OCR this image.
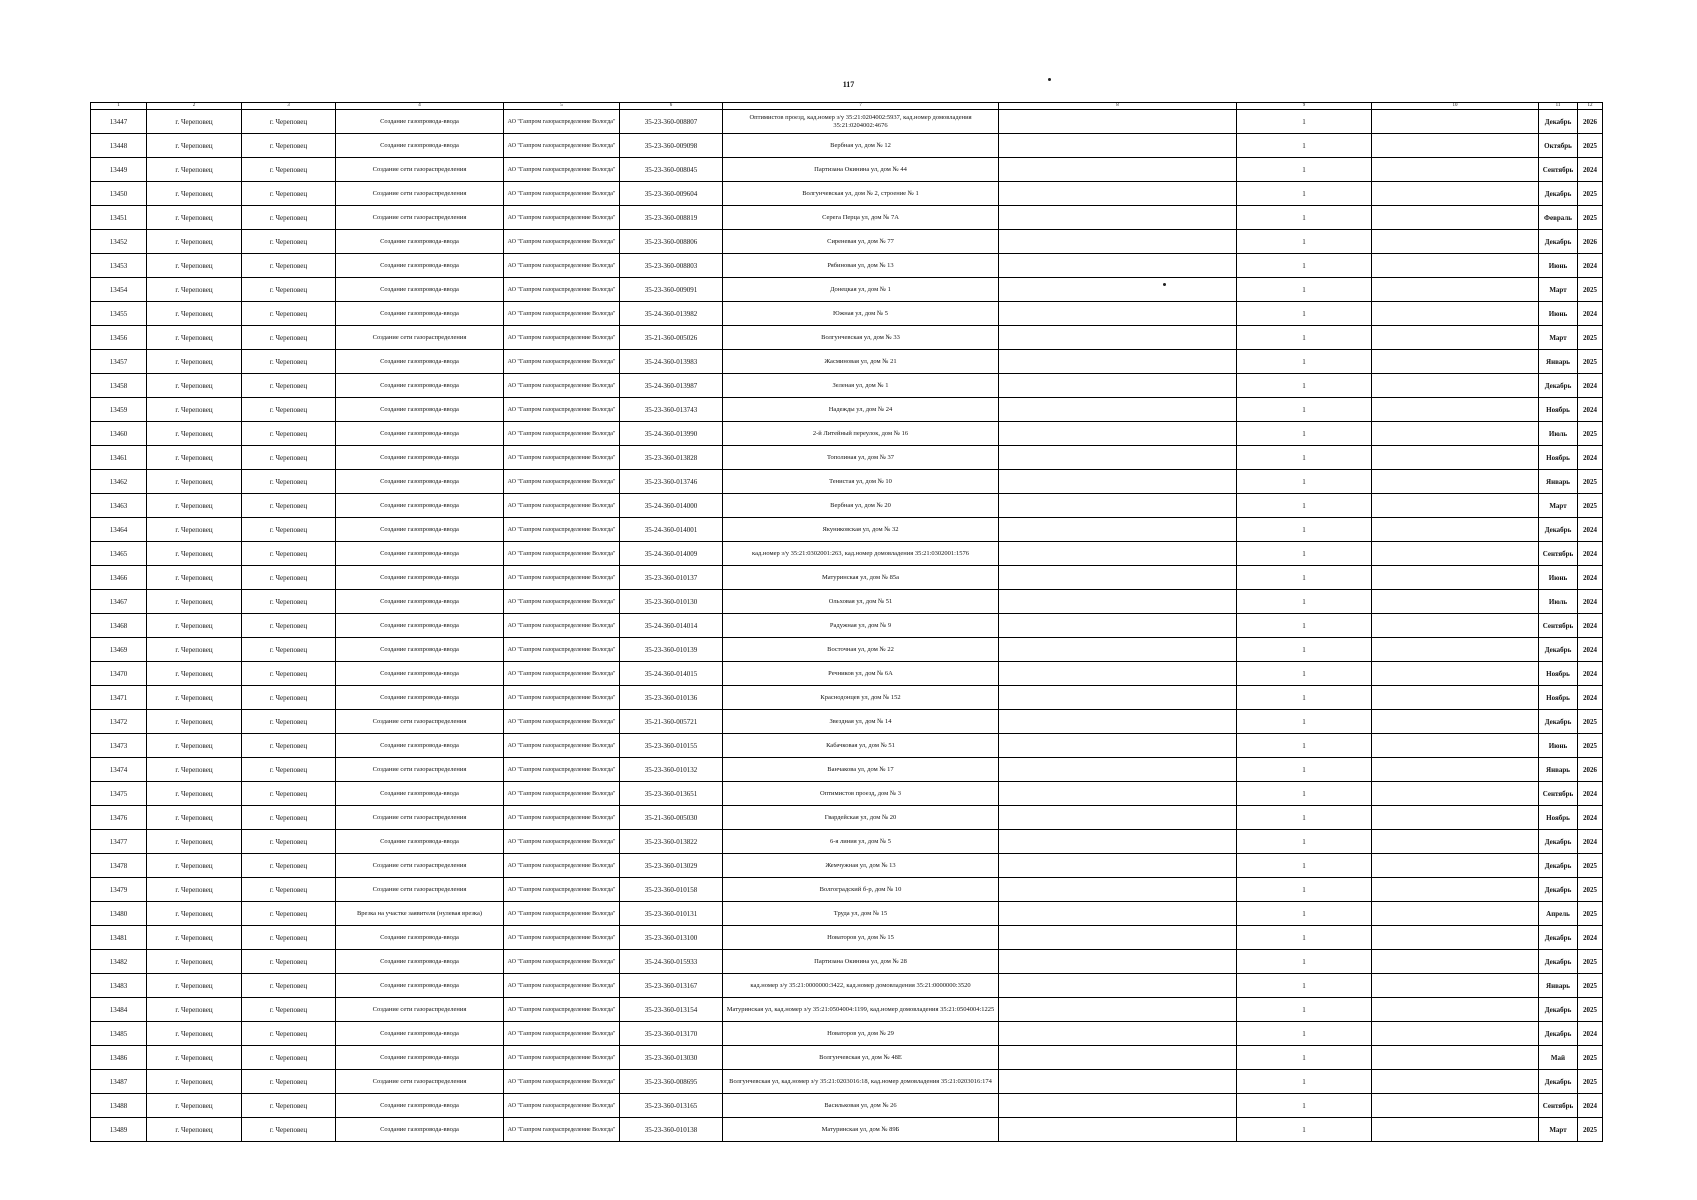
117
1	2	3	4	5	6	7	8	9	10	11	12
13447	г. Череповец	г. Череповец	Создание газопровода-ввода	АО "Газпром газораспределение Вологда"	35-23-360-008807	Оптимистов проезд, кад.номер з/у 35:21:0204002:5937, кад.номер домовладения 35:21:0204002:4676		1		Декабрь	2026
13448	г. Череповец	г. Череповец	Создание газопровода-ввода	АО "Газпром газораспределение Вологда"	35-23-360-009098	Вербная ул, дом № 12		1		Октябрь	2025
13449	г. Череповец	г. Череповец	Создание сети газораспределения	АО "Газпром газораспределение Вологда"	35-23-360-008045	Партизана Окинина ул, дом № 44		1		Сентябрь	2024
13450	г. Череповец	г. Череповец	Создание сети газораспределения	АО "Газпром газораспределение Вологда"	35-23-360-009604	Волгунчевская ул, дом № 2, строение № 1		1		Декабрь	2025
13451	г. Череповец	г. Череповец	Создание сети газораспределения	АО "Газпром газораспределение Вологда"	35-23-360-008819	Серега Перца ул, дом № 7А		1		Февраль	2025
13452	г. Череповец	г. Череповец	Создание газопровода-ввода	АО "Газпром газораспределение Вологда"	35-23-360-008806	Сиреневая ул, дом № 77		1		Декабрь	2026
13453	г. Череповец	г. Череповец	Создание газопровода-ввода	АО "Газпром газораспределение Вологда"	35-23-360-008803	Рябиновая ул, дом № 13		1		Июнь	2024
13454	г. Череповец	г. Череповец	Создание газопровода-ввода	АО "Газпром газораспределение Вологда"	35-23-360-009091	Донецкая ул, дом № 1		1		Март	2025
13455	г. Череповец	г. Череповец	Создание газопровода-ввода	АО "Газпром газораспределение Вологда"	35-24-360-013982	Южная ул, дом № 5		1		Июнь	2024
13456	г. Череповец	г. Череповец	Создание сети газораспределения	АО "Газпром газораспределение Вологда"	35-21-360-005026	Волгунчевская ул, дом № 33		1		Март	2025
13457	г. Череповец	г. Череповец	Создание газопровода-ввода	АО "Газпром газораспределение Вологда"	35-24-360-013983	Жасминовая ул, дом № 21		1		Январь	2025
13458	г. Череповец	г. Череповец	Создание газопровода-ввода	АО "Газпром газораспределение Вологда"	35-24-360-013987	Зеленая ул, дом № 1		1		Декабрь	2024
13459	г. Череповец	г. Череповец	Создание газопровода-ввода	АО "Газпром газораспределение Вологда"	35-23-360-013743	Надежды ул, дом № 24		1		Ноябрь	2024
13460	г. Череповец	г. Череповец	Создание газопровода-ввода	АО "Газпром газораспределение Вологда"	35-24-360-013990	2-й Литейный переулок, дом № 16		1		Июль	2025
13461	г. Череповец	г. Череповец	Создание газопровода-ввода	АО "Газпром газораспределение Вологда"	35-23-360-013828	Тополиная ул, дом № 37		1		Ноябрь	2024
13462	г. Череповец	г. Череповец	Создание газопровода-ввода	АО "Газпром газораспределение Вологда"	35-23-360-013746	Тенистая ул, дом № 10		1		Январь	2025
13463	г. Череповец	г. Череповец	Создание газопровода-ввода	АО "Газпром газораспределение Вологда"	35-24-360-014000	Вербная ул, дом № 20		1		Март	2025
13464	г. Череповец	г. Череповец	Создание газопровода-ввода	АО "Газпром газораспределение Вологда"	35-24-360-014001	Якуниковская ул, дом № 32		1		Декабрь	2024
13465	г. Череповец	г. Череповец	Создание газопровода-ввода	АО "Газпром газораспределение Вологда"	35-24-360-014009	кад.номер з/у 35:21:0302001:263, кад.номер домовладения 35:21:0302001:1576		1		Сентябрь	2024
13466	г. Череповец	г. Череповец	Создание газопровода-ввода	АО "Газпром газораспределение Вологда"	35-23-360-010137	Матуринская ул, дом № 85а		1		Июнь	2024
13467	г. Череповец	г. Череповец	Создание газопровода-ввода	АО "Газпром газораспределение Вологда"	35-23-360-010130	Ольховая ул, дом № 51		1		Июль	2024
13468	г. Череповец	г. Череповец	Создание газопровода-ввода	АО "Газпром газораспределение Вологда"	35-24-360-014014	Радужная ул, дом № 9		1		Сентябрь	2024
13469	г. Череповец	г. Череповец	Создание газопровода-ввода	АО "Газпром газораспределение Вологда"	35-23-360-010139	Восточная ул, дом № 22		1		Декабрь	2024
13470	г. Череповец	г. Череповец	Создание газопровода-ввода	АО "Газпром газораспределение Вологда"	35-24-360-014015	Речников ул, дом № 6А		1		Ноябрь	2024
13471	г. Череповец	г. Череповец	Создание газопровода-ввода	АО "Газпром газораспределение Вологда"	35-23-360-010136	Краснодонцев ул, дом № 152		1		Ноябрь	2024
13472	г. Череповец	г. Череповец	Создание сети газораспределения	АО "Газпром газораспределение Вологда"	35-21-360-005721	Звездная ул, дом № 14		1		Декабрь	2025
13473	г. Череповец	г. Череповец	Создание газопровода-ввода	АО "Газпром газораспределение Вологда"	35-23-360-010155	Кабачковая ул, дом № 51		1		Июнь	2025
13474	г. Череповец	г. Череповец	Создание сети газораспределения	АО "Газпром газораспределение Вологда"	35-23-360-010132	Ванчакова ул, дом № 17		1		Январь	2026
13475	г. Череповец	г. Череповец	Создание газопровода-ввода	АО "Газпром газораспределение Вологда"	35-23-360-013651	Оптимистов проезд, дом № 3		1		Сентябрь	2024
13476	г. Череповец	г. Череповец	Создание сети газораспределения	АО "Газпром газораспределение Вологда"	35-21-360-005030	Гвардейская ул, дом № 20		1		Ноябрь	2024
13477	г. Череповец	г. Череповец	Создание газопровода-ввода	АО "Газпром газораспределение Вологда"	35-23-360-013822	6-я линия ул, дом № 5		1		Декабрь	2024
13478	г. Череповец	г. Череповец	Создание сети газораспределения	АО "Газпром газораспределение Вологда"	35-23-360-013029	Жемчужная ул, дом № 13		1		Декабрь	2025
13479	г. Череповец	г. Череповец	Создание сети газораспределения	АО "Газпром газораспределение Вологда"	35-23-360-010158	Волгоградский б-р, дом № 10		1		Декабрь	2025
13480	г. Череповец	г. Череповец	Врезка на участке заявителя (нулевая врезка)	АО "Газпром газораспределение Вологда"	35-23-360-010131	Труда ул, дом № 15		1		Апрель	2025
13481	г. Череповец	г. Череповец	Создание газопровода-ввода	АО "Газпром газораспределение Вологда"	35-23-360-013100	Новаторов ул, дом № 15		1		Декабрь	2024
13482	г. Череповец	г. Череповец	Создание газопровода-ввода	АО "Газпром газораспределение Вологда"	35-24-360-015933	Партизана Окинина ул, дом № 28		1		Декабрь	2025
13483	г. Череповец	г. Череповец	Создание газопровода-ввода	АО "Газпром газораспределение Вологда"	35-23-360-013167	кад.номер з/у 35:21:0000000:3422, кад.номер домовладения 35:21:0000000:3520		1		Январь	2025
13484	г. Череповец	г. Череповец	Создание сети газораспределения	АО "Газпром газораспределение Вологда"	35-23-360-013154	Матуринская ул, кад.номер з/у 35:21:0504004:1199, кад.номер домовладения 35:21:0504004:1225		1		Декабрь	2025
13485	г. Череповец	г. Череповец	Создание газопровода-ввода	АО "Газпром газораспределение Вологда"	35-23-360-013170	Новаторов ул, дом № 29		1		Декабрь	2024
13486	г. Череповец	г. Череповец	Создание газопровода-ввода	АО "Газпром газораспределение Вологда"	35-23-360-013030	Волгунчевская ул, дом № 48Е		1		Май	2025
13487	г. Череповец	г. Череповец	Создание сети газораспределения	АО "Газпром газораспределение Вологда"	35-23-360-008695	Волгунчевская ул, кад.номер з/у 35:21:0203016:18, кад.номер домовладения 35:21:0203016:174		1		Декабрь	2025
13488	г. Череповец	г. Череповец	Создание газопровода-ввода	АО "Газпром газораспределение Вологда"	35-23-360-013165	Васильковая ул, дом № 26		1		Сентябрь	2024
13489	г. Череповец	г. Череповец	Создание газопровода-ввода	АО "Газпром газораспределение Вологда"	35-23-360-010138	Матуринская ул, дом № 89Б		1		Март	2025
